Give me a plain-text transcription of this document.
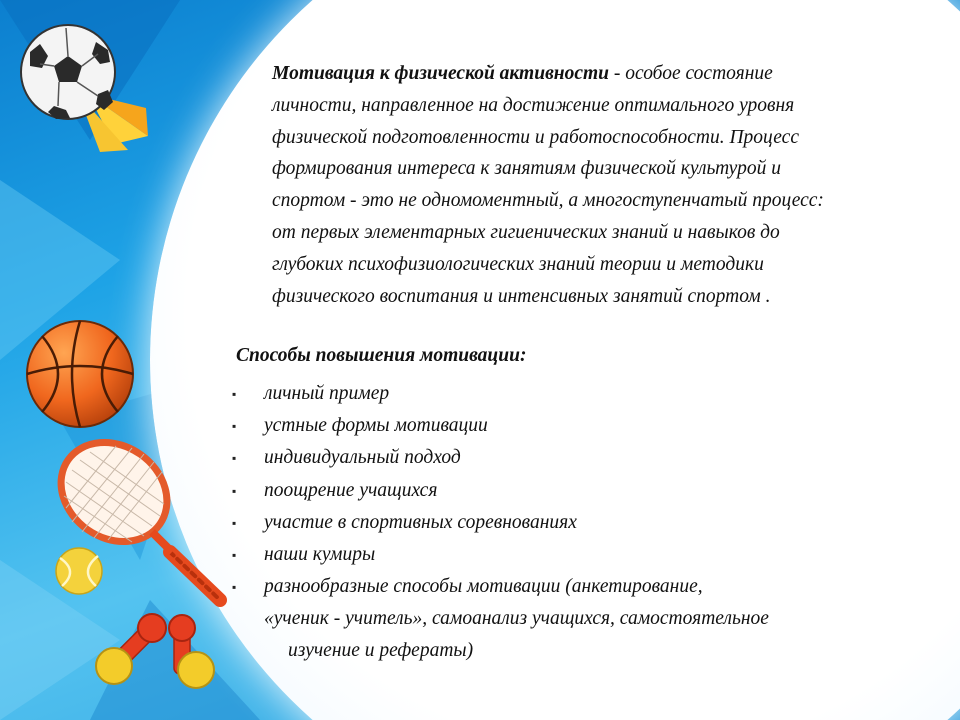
Мотивация к физической активности - особое состояние
личности, направленное на достижение оптимального уровня
физической подготовленности и работоспособности. Процесс
формирования интереса к занятиям физической культурой и
спортом - это не одномоментный, а многоступенчатый процесс:
от первых элементарных гигиенических знаний и навыков до
глубоких психофизиологических знаний теории и методики
физического воспитания и интенсивных занятий спортом .
Способы повышения мотивации:
▪ личный пример
▪ устные формы мотивации
▪ индивидуальный подход
▪ поощрение учащихся
▪ участие в спортивных соревнованиях
▪ наши кумиры
▪ разнообразные способы мотивации (анкетирование,
«ученик - учитель», самоанализ учащихся, самостоятельное
изучение и рефераты)
